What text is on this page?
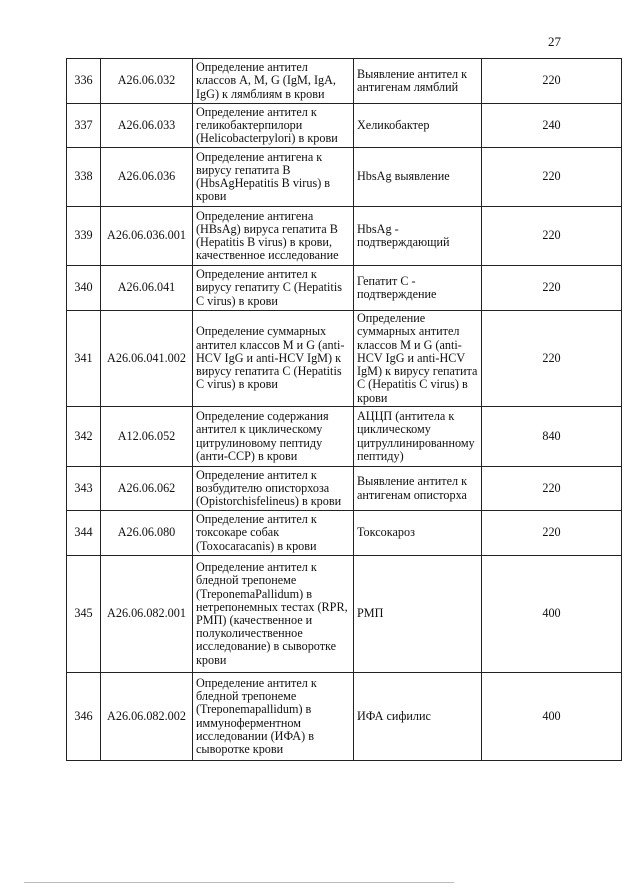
27
336	A26.06.032	Определение антител классов A, M, G (IgM, IgA, IgG) к лямблиям в крови	Выявление антител к антигенам лямблий	220
337	A26.06.033	Определение антител к геликобактерпилори (Helicobacterpylori) в крови	Хеликобактер	240
338	A26.06.036	Определение антигена к вирусу гепатита B (HbsAgHepatitis B virus) в крови	HbsAg выявление	220
339	A26.06.036.001	Определение антигена (HBsAg) вируса гепатита B (Hepatitis B virus) в крови, качественное исследование	HbsAg - подтверждающий	220
340	A26.06.041	Определение антител к вирусу гепатиту C (Hepatitis C virus) в крови	Гепатит С - подтверждение	220
341	A26.06.041.002	Определение суммарных антител классов M и G (anti-HCV IgG и anti-HCV IgM) к вирусу гепатита C (Hepatitis C virus) в крови	Определение суммарных антител классов M и G (anti-HCV IgG и anti-HCV IgM) к вирусу гепатита C (Hepatitis C virus) в крови	220
342	A12.06.052	Определение содержания антител к циклическому цитрулиновому пептиду (анти-CCP) в крови	АЦЦП (антитела к циклическому цитруллинированному пептиду)	840
343	A26.06.062	Определение антител к возбудителю описторхоза (Opistorchisfelineus) в крови	Выявление антител к антигенам описторха	220
344	A26.06.080	Определение антител к токсокаре собак (Toxocaracanis) в крови	Токсокароз	220
345	A26.06.082.001	Определение антител к бледной трепонеме (TreponemaPallidum) в нетрепонемных тестах (RPR, РМП) (качественное и полуколичественное исследование) в сыворотке крови	РМП	400
346	A26.06.082.002	Определение антител к бледной трепонеме (Treponemapallidum) в иммуноферментном исследовании (ИФА) в сыворотке крови	ИФА сифилис	400
